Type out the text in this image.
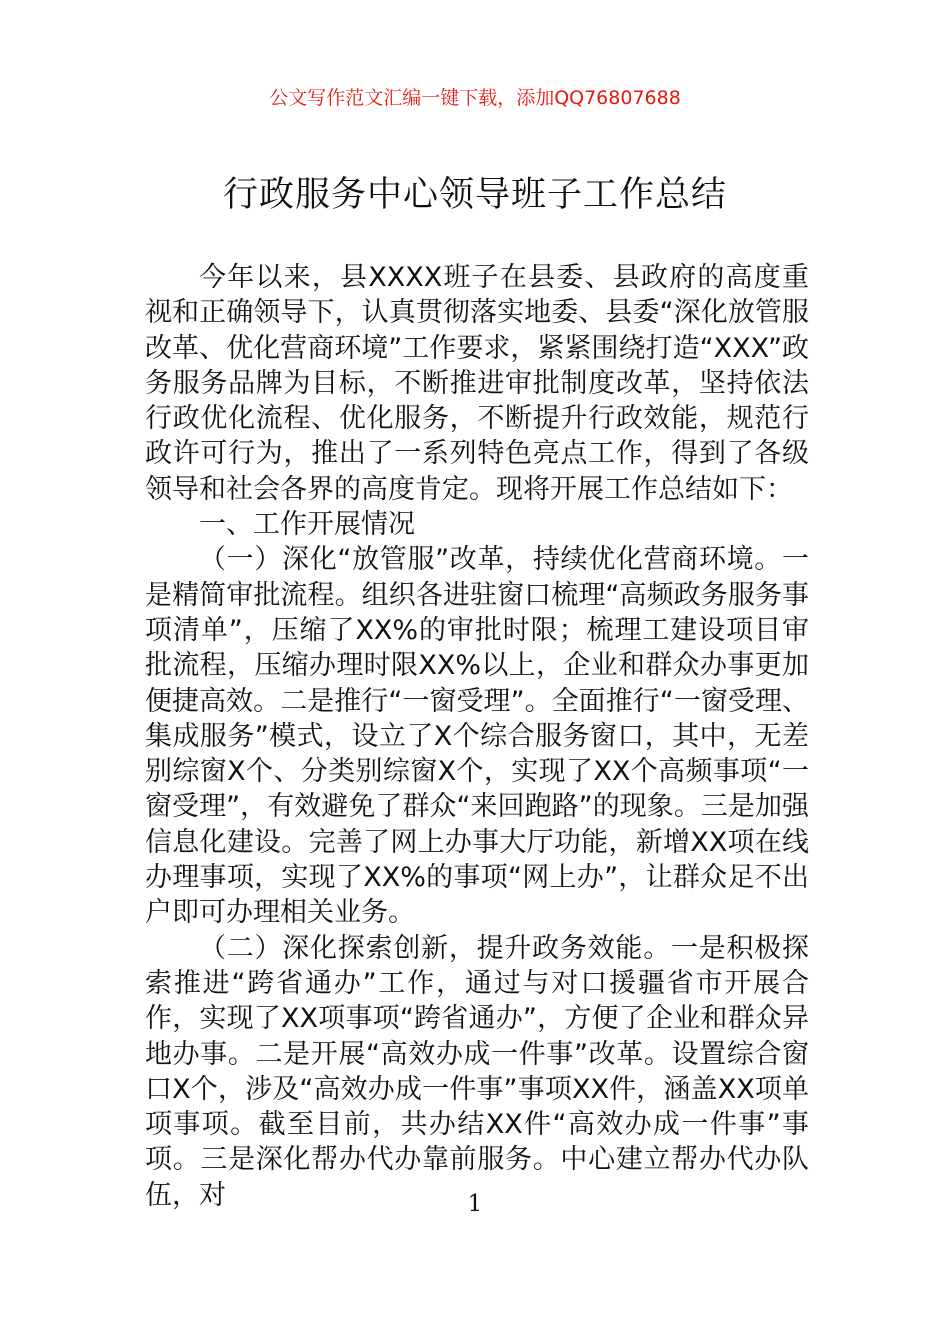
公文写作范文汇编一键下载，添加QQ76807688
行政服务中心领导班子工作总结

今年以来，县XXXX班子在县委、县政府的高度重视和正确领导下，认真贯彻落实地委、县委“深化放管服改革、优化营商环境”工作要求，紧紧围绕打造“XXX”政务服务品牌为目标，不断推进审批制度改革，坚持依法行政优化流程、优化服务，不断提升行政效能，规范行政许可行为，推出了一系列特色亮点工作，得到了各级领导和社会各界的高度肯定。现将开展工作总结如下：

一、工作开展情况

（一）深化“放管服”改革，持续优化营商环境。一是精简审批流程。组织各进驻窗口梳理“高频政务服务事项清单”，压缩了XX%的审批时限；梳理工建设项目审批流程，压缩办理时限XX%以上，企业和群众办事更加便捷高效。二是推行“一窗受理”。全面推行“一窗受理、集成服务”模式，设立了X个综合服务窗口，其中，无差别综窗X个、分类别综窗X个，实现了XX个高频事项“一窗受理”，有效避免了群众“来回跑路”的现象。三是加强信息化建设。完善了网上办事大厅功能，新增XX项在线办理事项，实现了XX%的事项“网上办”，让群众足不出户即可办理相关业务。

（二）深化探索创新，提升政务效能。一是积极探索推进“跨省通办”工作，通过与对口援疆省市开展合作，实现了XX项事项“跨省通办”，方便了企业和群众异地办事。二是开展“高效办成一件事”改革。设置综合窗口X个，涉及“高效办成一件事”事项XX件，涵盖XX项单项事项。截至目前，共办结XX件“高效办成一件事”事项。三是深化帮办代办靠前服务。中心建立帮办代办队伍，对	1
